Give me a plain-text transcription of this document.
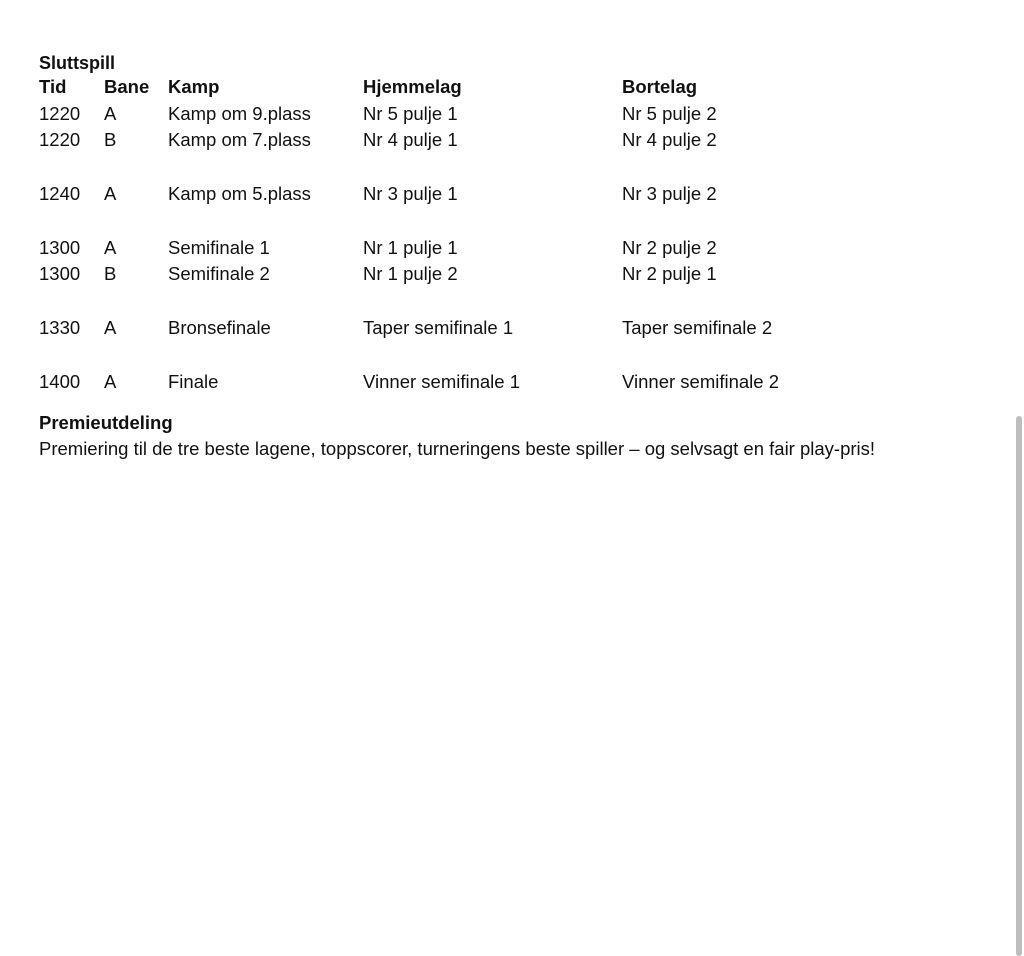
Sluttspill
Tid Bane Kamp	Hjemmelag	Bortelag
1220 A	Kamp om 9.plass	Nr 5 pulje 1	Nr 5 pulje 2
1220 B	Kamp om 7.plass	Nr 4 pulje 1	Nr 4 pulje 2
1240 A	Kamp om 5.plass	Nr 3 pulje 1	Nr 3 pulje 2
1300 A	Semifinale 1	Nr 1 pulje 1	Nr 2 pulje 2
1300 B	Semifinale 2	Nr 1 pulje 2	Nr 2 pulje 1
1330 A	Bronsefinale	Taper semifinale 1	Taper semifinale 2
1400 A	Finale	Vinner semifinale 1	Vinner semifinale 2
Premieutdeling
Premiering til de tre beste lagene, toppscorer, turneringens beste spiller – og selvsagt en fair play-pris!
